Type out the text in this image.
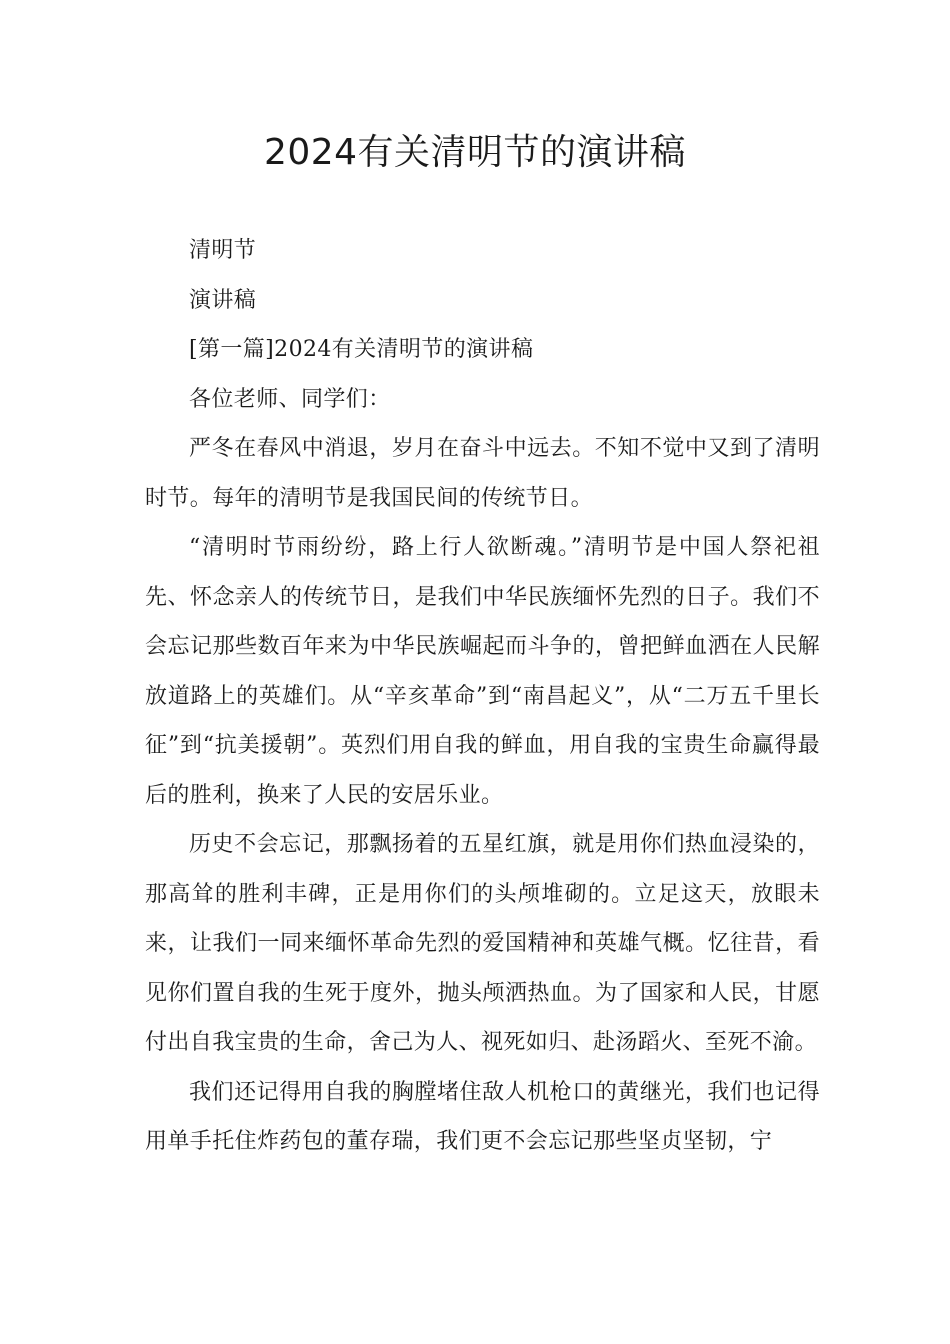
2024有关清明节的演讲稿

清明节

演讲稿

[第一篇]2024有关清明节的演讲稿

各位老师、同学们：

严冬在春风中消退，岁月在奋斗中远去。不知不觉中又到了清明时节。每年的清明节是我国民间的传统节日。

“清明时节雨纷纷，路上行人欲断魂。”清明节是中国人祭祀祖先、怀念亲人的传统节日，是我们中华民族缅怀先烈的日子。我们不会忘记那些数百年来为中华民族崛起而斗争的，曾把鲜血洒在人民解放道路上的英雄们。从“辛亥革命”到“南昌起义”，从“二万五千里长征”到“抗美援朝”。英烈们用自我的鲜血，用自我的宝贵生命赢得最后的胜利，换来了人民的安居乐业。

历史不会忘记，那飘扬着的五星红旗，就是用你们热血浸染的，那高耸的胜利丰碑，正是用你们的头颅堆砌的。立足这天，放眼未来，让我们一同来缅怀革命先烈的爱国精神和英雄气概。忆往昔，看见你们置自我的生死于度外，抛头颅洒热血。为了国家和人民，甘愿付出自我宝贵的生命，舍己为人、视死如归、赴汤蹈火、至死不渝。

我们还记得用自我的胸膛堵住敌人机枪口的黄继光，我们也记得用单手托住炸药包的董存瑞，我们更不会忘记那些坚贞坚韧，宁
